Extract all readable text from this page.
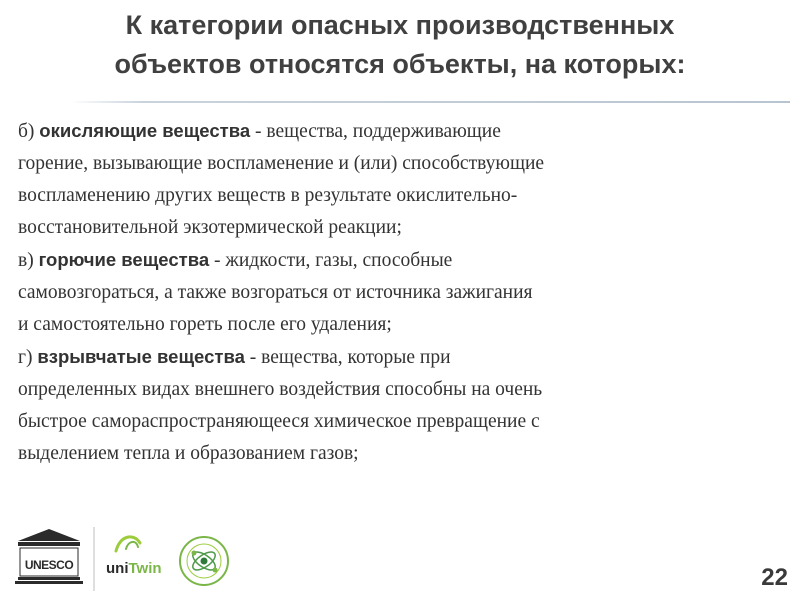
К категории опасных производственных
объектов относятся объекты, на которых:
б) окисляющие вещества - вещества, поддерживающие
горение, вызывающие воспламенение и (или) способствующие
воспламенению других веществ в результате окислительно-
восстановительной экзотермической реакции;
в) горючие вещества - жидкости, газы, способные
самовозгораться, а также возгораться от источника зажигания
и самостоятельно гореть после его удаления;
г) взрывчатые вещества - вещества, которые при
определенных видах внешнего воздействия способны на очень
быстрое самораспространяющееся химическое превращение с
выделением тепла и образованием газов;
UNESCO uniTwin	22
